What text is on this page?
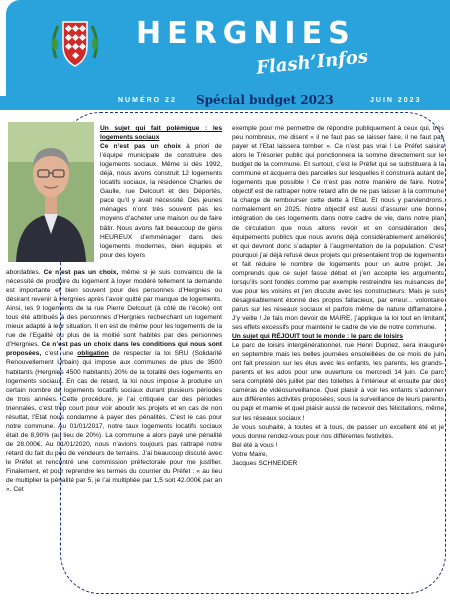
HERGNIES
Flash’Infos
NUMÉRO 22 Spécial budget 2023	JUIN 2023

Un sujet qui fait polémique : les logements sociaux

Ce n’est pas un choix à priori de l’équipe municipale de construire des logements sociaux. Même si dès 1992, déjà, nous avons construit 12 logements locatifs sociaux, la résidence Charles de Gaulle, rue Delcourt et des Déportés, pace qu’il y avait nécessité. Des jeunes ménages n’ont très souvent pas les moyens d’acheter une maison ou de faire bâtir. Nous avons fait beaucoup de gens HEUREUX d’emménager dans des logements modernes, bien équipés et pour des loyers

abordables. Ce n’est pas un choix, même si je suis convaincu de la nécessité de produire du logement à loyer modéré tellement la demande est importante et bien souvent pour des personnes d’Hergnies ou désirant revenir à Hergnies après l’avoir quitté par manque de logements. Ainsi, les 9 logements de la rue Pierre Delcourt (à côté de l’école) ont tous été attribués à des personnes d’Hergnies recherchant un logement mieux adapté à leur situation. Il en est de même pour les logements de la rue de l’Egalité ou plus de la moitié sont habités par des personnes d’Hergnies. Ce n’est pas un choix dans les conditions qui nous sont proposées, c’est une obligation de respecter la loi SRU (Solidarité Renouvellement Urbain) qui impose aux communes de plus de 3500 habitants (Hergnies 4500 habitants) 20% de la totalité des logements en logements sociaux. En cas de retard, la loi nous impose à produire un certain nombre de logements locatifs sociaux durant plusieurs périodes de trois années. Cette procédure, je l’ai critiquée car des périodes triennales, c’est trop court pour voir aboutir les projets et en cas de non résultat, l’Etat nous condamne à payer des pénalités. C’est le cas pour notre commune. Au 01/01/2017, notre taux logements locatifs sociaux était de 8,90% (au lieu de 20%). La commune a alors payé une pénalité de 28.000€. Au 01/01/2020, nous n’avions toujours pas rattrapé notre retard du fait du peu de vendeurs de terrains. J’ai beaucoup discuté avec le Préfet et rencontré une commission préfectorale pour me justifier. Finalement, et pour reprendre les termes du courrier du Préfet : « au lieu de multiplier la pénalité par 5, je l’ai multipliée par 1,5 soit 42.000€ par an ». Cet

exemple pour me permettre de répondre publiquement à ceux qui, très peu nombreux, me disent « il ne faut pas se laisser faire, il ne faut pas payer et l’Etat laissera tomber ». Ce n’est pas vrai ! Le Préfet saisira alors le Trésorier public qui ponctionnera la somme directement sur le budget de la commune. Et surtout, c’est le Préfet qui se substituera à la commune et acquerra des parcelles sur lesquelles il construira autant de logements que possible ! Ce n’est pas notre manière de faire. Notre objectif est de rattraper notre retard afin de ne pas laisser à la commune la charge de rembourser cette dette à l’Etat. Et nous y parviendrons, normalement en 2025. Notre objectif est aussi d’assurer une bonne intégration de ces logements dans notre cadre de vie, dans notre plan de circulation que nous allons revoir et en considération des équipements publics que nous avons déjà considérablement améliorés et qui devront donc s’adapter à l’augmentation de la population. C’est pourquoi j’ai déjà refusé deux projets qui présentaient trop de logements et fait réduire le nombre de logements pour un autre projet. Je comprends que ce sujet fasse débat et j’en accepte les arguments lorsqu’ils sont fondés comme par exemple restreindre les nuisances de vue pour les voisins et j’en discute avec les constructeurs. Mais je suis désagréablement étonné des propos fallacieux, par erreur... volontaire parus sur les réseaux sociaux et parfois même de nature diffamatoire. J’y veille ! Je fais mon devoir de MAIRE, j’applique la loi tout en limitant ses effets excessifs pour maintenir le cadre de vie de notre commune.

Un sujet qui RÉJOUIT tout le monde : le parc de loisirs

Le parc de loisirs intergénérationnel, rue Henri Dupriez, sera inauguré en septembre mais les belles journées ensoleillées de ce mois de juin ont fait pression sur les élus avec les enfants, les parents, les grands-parents et les ados pour une ouverture ce mercredi 14 juin. Ce parc sera complété dès juillet par des toilettes à l’intérieur et ensuite par des caméras de vidéosurveillance. Quel plaisir à voir les enfants s’adonner aux différentes activités proposées, sous la surveillance de leurs parents ou papi et mamie et quel plaisir aussi de recevoir des félicitations, même sur les réseaux sociaux !

Je vous souhaite, à toutes et à tous, de passer un excellent été et je vous donne rendez-vous pour nos différentes festivités.

Bel été à vous !

Votre Maire,

Jacques SCHNEIDER
